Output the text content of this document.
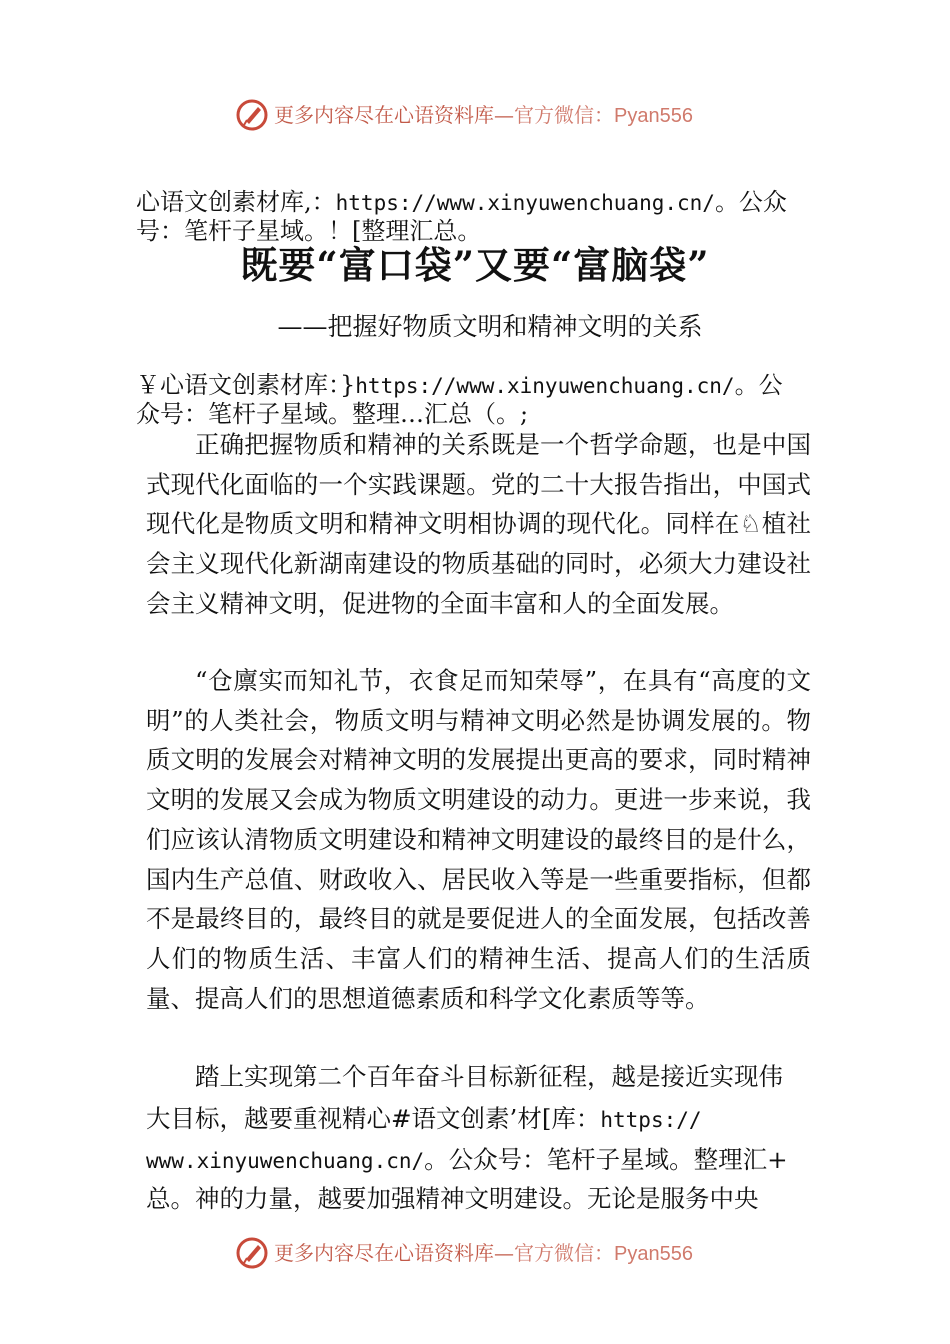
更多内容尽在心语资料库—官方微信：Pyan556
心语文创素材库,：https://www.xinyuwenchuang.cn/。公众
号：笔杆子星域。！[整理汇总。
既要“富口袋”又要“富脑袋”
——把握好物质文明和精神文明的关系
￥心语文创素材库：}https://www.xinyuwenchuang.cn/。公
众号：笔杆子星域。整理…汇总（。;
正确把握物质和精神的关系既是一个哲学命题，也是中国式现代化面临的一个实践课题。党的二十大报告指出，中国式现代化是物质文明和精神文明相协调的现代化。同样在♘植社会主义现代化新湖南建设的物质基础的同时，必须大力建设社会主义精神文明，促进物的全面丰富和人的全面发展。
“仓廪实而知礼节，衣食足而知荣辱”，在具有“高度的文明”的人类社会，物质文明与精神文明必然是协调发展的。物质文明的发展会对精神文明的发展提出更高的要求，同时精神文明的发展又会成为物质文明建设的动力。更进一步来说，我们应该认清物质文明建设和精神文明建设的最终目的是什么，国内生产总值、财政收入、居民收入等是一些重要指标，但都不是最终目的，最终目的就是要促进人的全面发展，包括改善人们的物质生活、丰富人们的精神生活、提高人们的生活质量、提高人们的思想道德素质和科学文化素质等等。
踏上实现第二个百年奋斗目标新征程，越是接近实现伟
大目标，越要重视精心#语文创素’材[库：https://
www.xinyuwenchuang.cn/。公众号：笔杆子星域。整理汇+
总。神的力量，越要加强精神文明建设。无论是服务中央
更多内容尽在心语资料库—官方微信：Pyan556
